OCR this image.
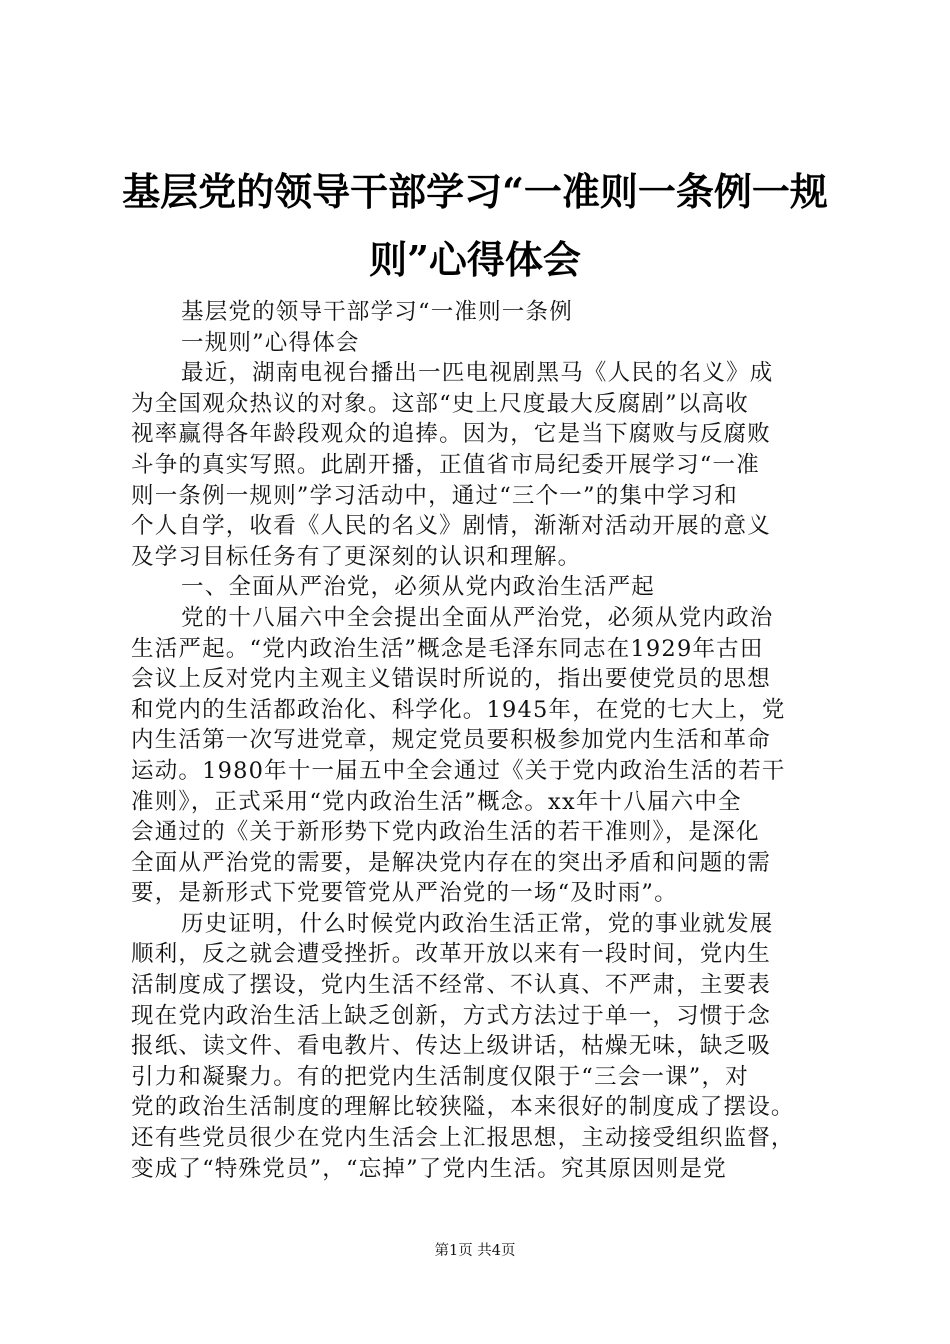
基层党的领导干部学习“一准则一条例一规
则”心得体会
基层党的领导干部学习“一准则一条例
一规则”心得体会
最近，湖南电视台播出一匹电视剧黑马《人民的名义》成
为全国观众热议的对象。这部“史上尺度最大反腐剧”以高收
视率赢得各年龄段观众的追捧。因为，它是当下腐败与反腐败
斗争的真实写照。此剧开播，正值省市局纪委开展学习“一准
则一条例一规则”学习活动中，通过“三个一”的集中学习和
个人自学，收看《人民的名义》剧情，渐渐对活动开展的意义
及学习目标任务有了更深刻的认识和理解。
一、全面从严治党，必须从党内政治生活严起
党的十八届六中全会提出全面从严治党，必须从党内政治
生活严起。“党内政治生活”概念是毛泽东同志在1929年古田
会议上反对党内主观主义错误时所说的，指出要使党员的思想
和党内的生活都政治化、科学化。1945年，在党的七大上，党
内生活第一次写进党章，规定党员要积极参加党内生活和革命
运动。1980年十一届五中全会通过《关于党内政治生活的若干
准则》，正式采用“党内政治生活”概念。xx年十八届六中全
会通过的《关于新形势下党内政治生活的若干准则》，是深化
全面从严治党的需要，是解决党内存在的突出矛盾和问题的需
要，是新形式下党要管党从严治党的一场“及时雨”。
历史证明，什么时候党内政治生活正常，党的事业就发展
顺利，反之就会遭受挫折。改革开放以来有一段时间，党内生
活制度成了摆设，党内生活不经常、不认真、不严肃，主要表
现在党内政治生活上缺乏创新，方式方法过于单一，习惯于念
报纸、读文件、看电教片、传达上级讲话，枯燥无味，缺乏吸
引力和凝聚力。有的把党内生活制度仅限于“三会一课”，对
党的政治生活制度的理解比较狭隘，本来很好的制度成了摆设。
还有些党员很少在党内生活会上汇报思想，主动接受组织监督，
变成了“特殊党员”，“忘掉”了党内生活。究其原因则是党
第1页 共4页
